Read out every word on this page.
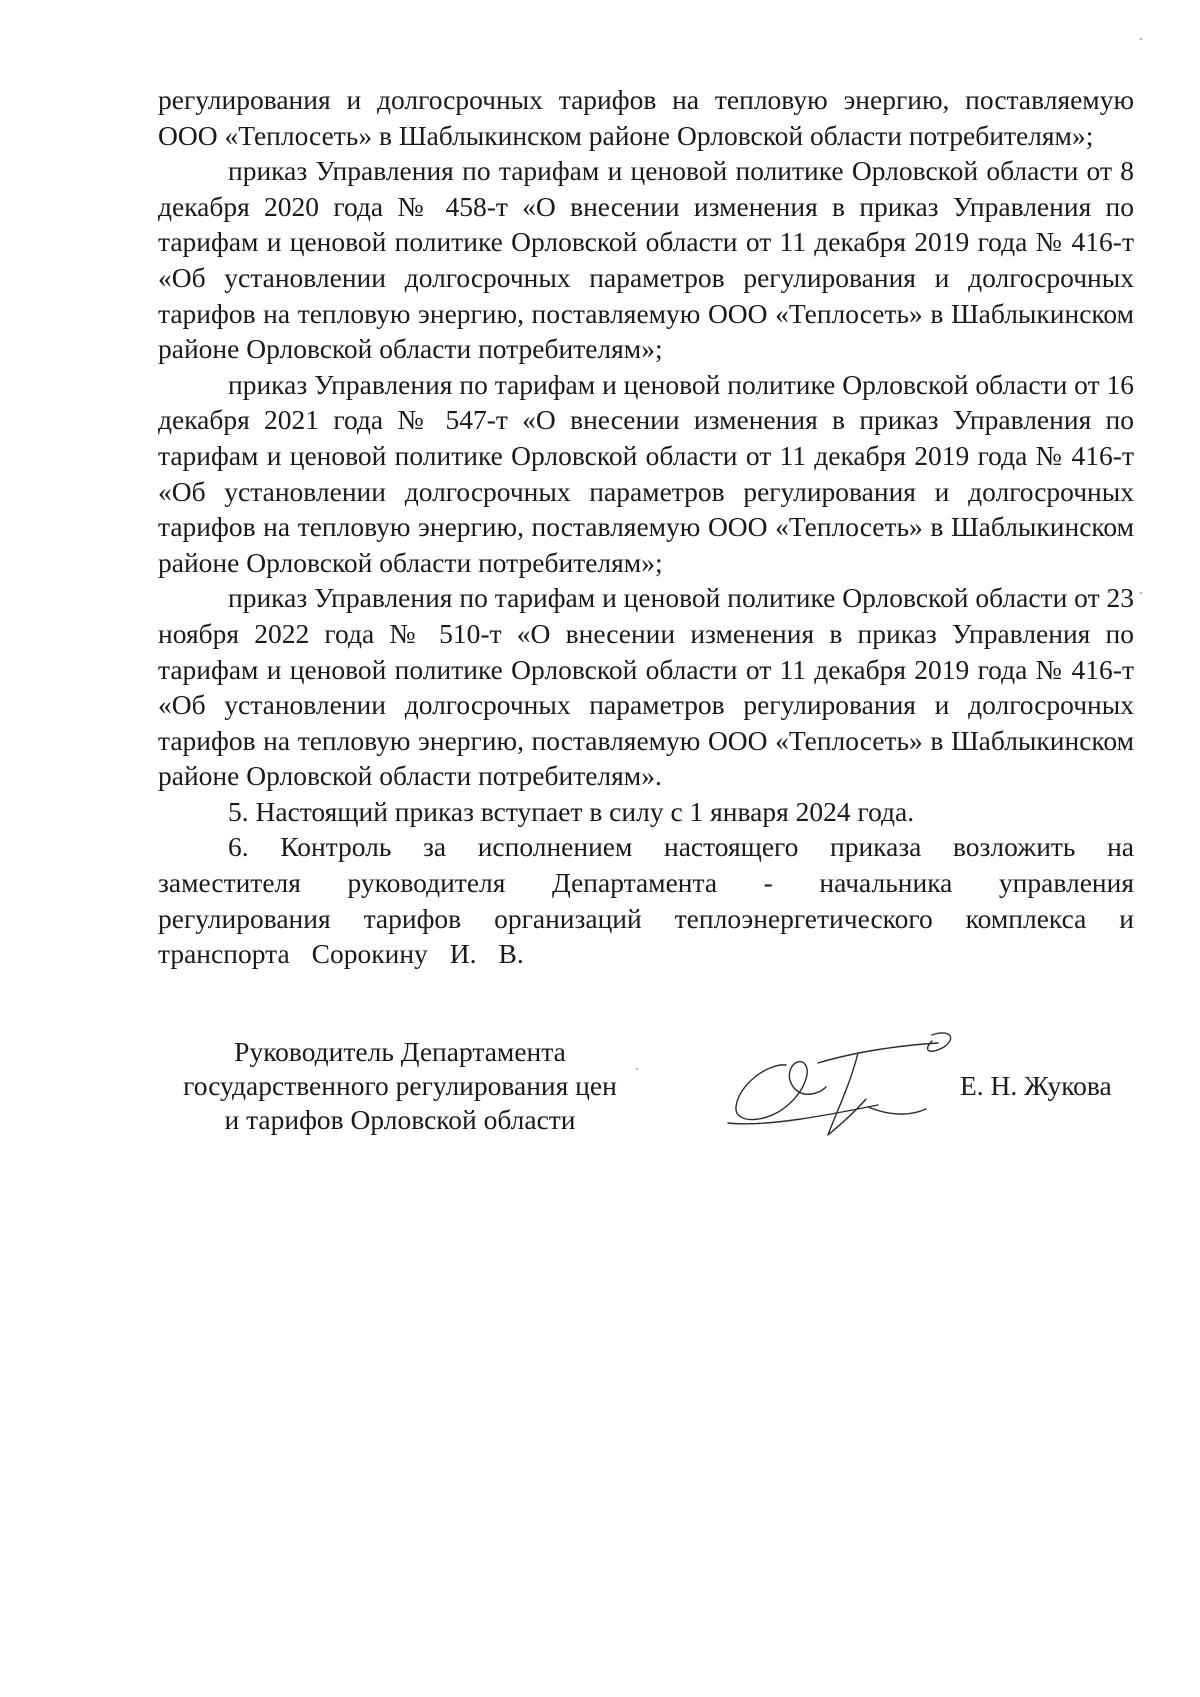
регулирования и долгосрочных тарифов на тепловую энергию, поставляемую ООО «Теплосеть» в Шаблыкинском районе Орловской области потребителям»;

приказ Управления по тарифам и ценовой политике Орловской области от 8 декабря 2020 года № 458-т «О внесении изменения в приказ Управления по тарифам и ценовой политике Орловской области от 11 декабря 2019 года № 416-т «Об установлении долгосрочных параметров регулирования и долгосрочных тарифов на тепловую энергию, поставляемую ООО «Теплосеть» в Шаблыкинском районе Орловской области потребителям»;

приказ Управления по тарифам и ценовой политике Орловской области от 16 декабря 2021 года № 547-т «О внесении изменения в приказ Управления по тарифам и ценовой политике Орловской области от 11 декабря 2019 года № 416-т «Об установлении долгосрочных параметров регулирования и долгосрочных тарифов на тепловую энергию, поставляемую ООО «Теплосеть» в Шаблыкинском районе Орловской области потребителям»;

приказ Управления по тарифам и ценовой политике Орловской области от 23 ноября 2022 года № 510-т «О внесении изменения в приказ Управления по тарифам и ценовой политике Орловской области от 11 декабря 2019 года № 416-т «Об установлении долгосрочных параметров регулирования и долгосрочных тарифов на тепловую энергию, поставляемую ООО «Теплосеть» в Шаблыкинском районе Орловской области потребителям».

5. Настоящий приказ вступает в силу с 1 января 2024 года.

6. Контроль за исполнением настоящего приказа возложить на заместителя руководителя Департамента - начальника управления регулирования тарифов организаций теплоэнергетического комплекса и транспорта Сорокину И. В.

Руководитель Департамента
государственного регулирования цен
и тарифов Орловской области
Е. Н. Жукова
